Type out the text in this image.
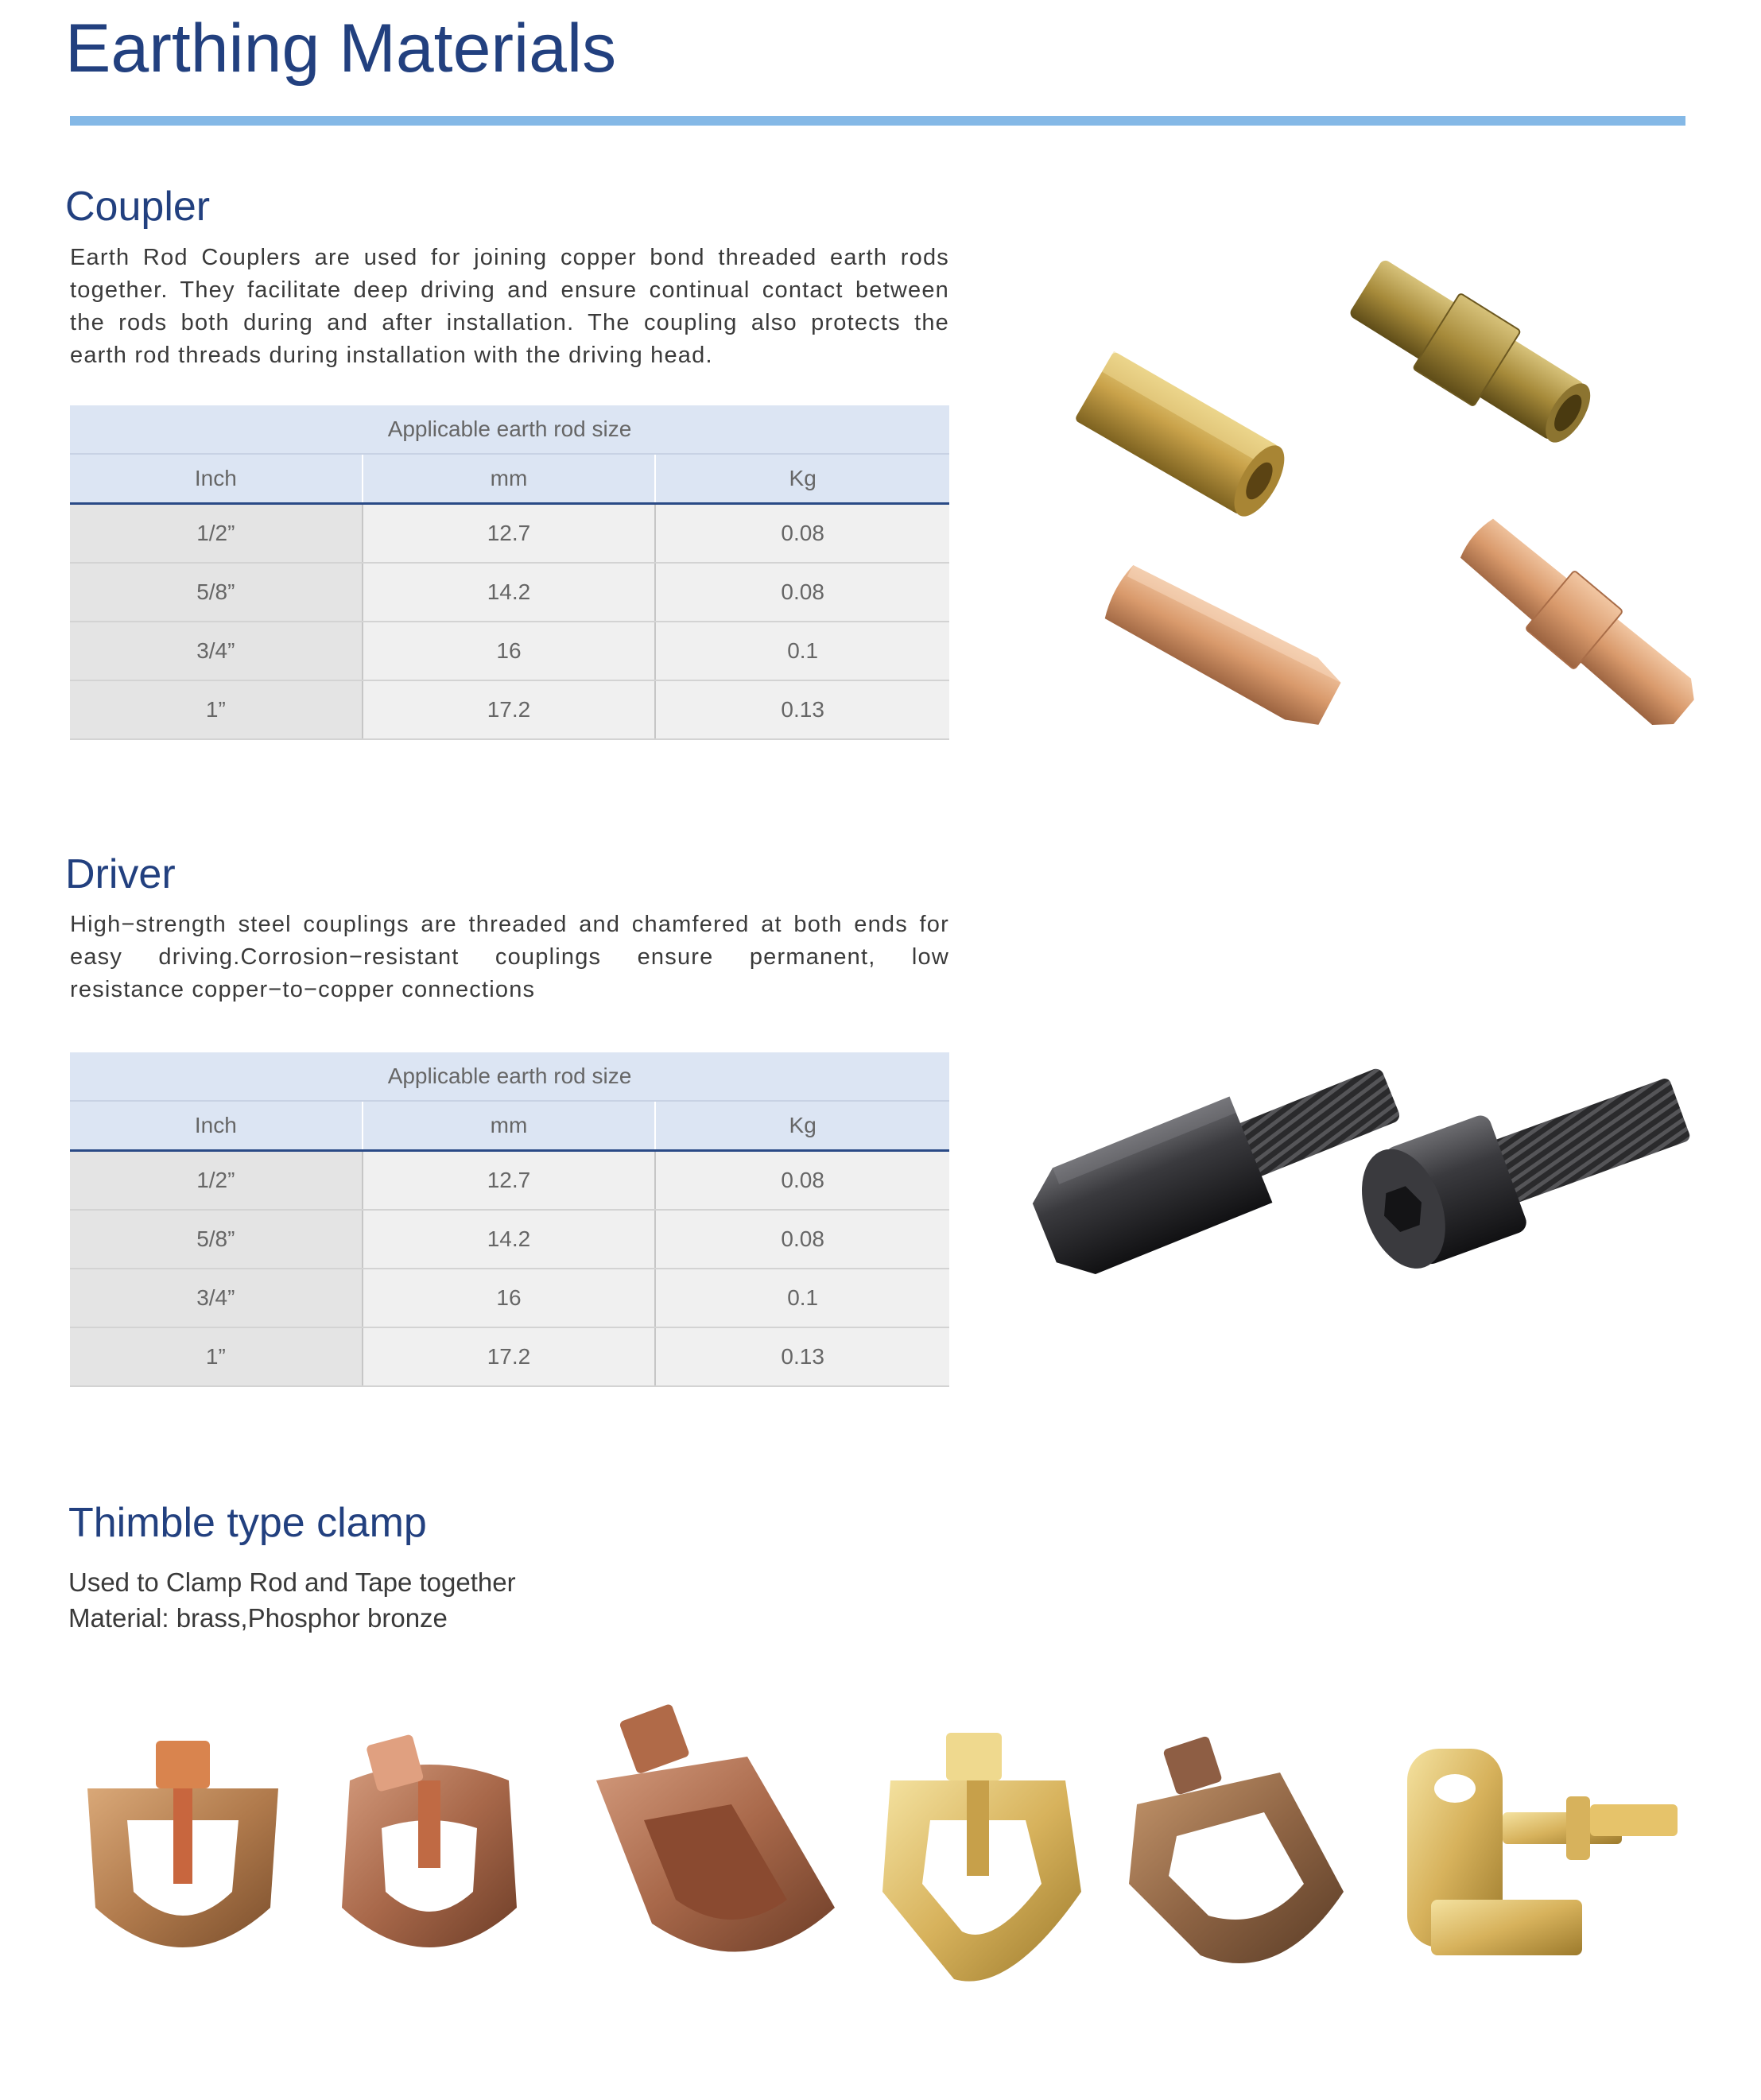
Earthing Materials
Coupler
Earth Rod Couplers are used for joining copper bond threaded earth rods
together. They facilitate deep driving and ensure continual contact between
the rods both during and after installation. The coupling also protects the
earth rod threads during installation with the driving head.
Applicable earth rod size		
Inch	mm	Kg
1/2”	12.7	0.08
5/8”	14.2	0.08
3/4”	16	0.1
1”	17.2	0.13
Driver
High−strength steel couplings are threaded and chamfered at both ends for
easy driving.Corrosion−resistant couplings ensure permanent, low
resistance copper−to−copper connections
Applicable earth rod size		
Inch	mm	Kg
1/2”	12.7	0.08
5/8”	14.2	0.08
3/4”	16	0.1
1”	17.2	0.13
Thimble type clamp
Used to Clamp Rod and Tape together
Material: brass,Phosphor bronze
